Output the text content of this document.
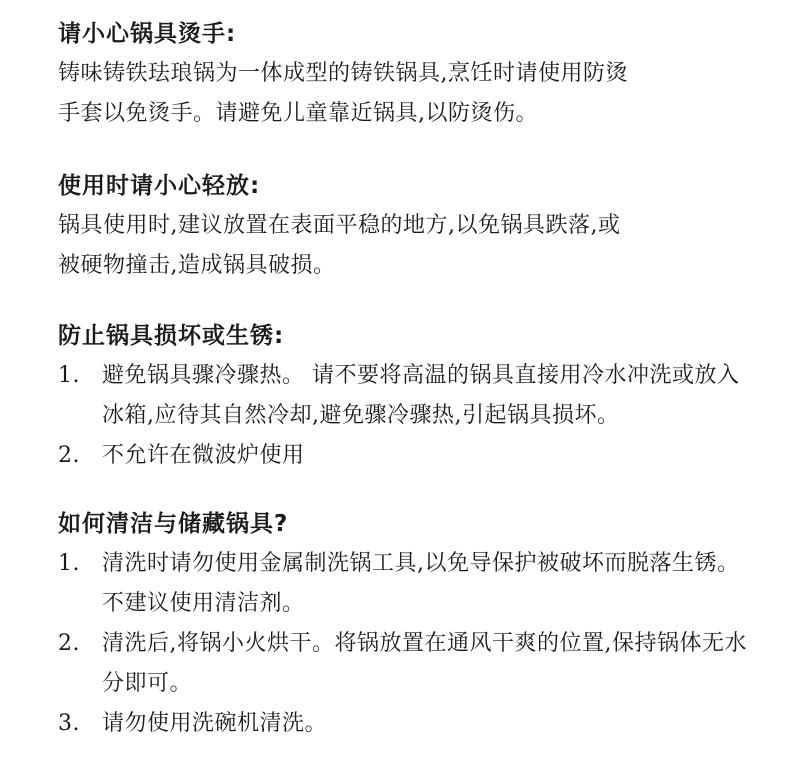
请小心锅具烫手:

铸味铸铁珐琅锅为一体成型的铸铁锅具,烹饪时请使用防烫

手套以免烫手。请避免儿童靠近锅具,以防烫伤。

使用时请小心轻放:

锅具使用时,建议放置在表面平稳的地方,以免锅具跌落,或

被硬物撞击,造成锅具破损。

防止锅具损坏或生锈:

1.	避免锅具骤冷骤热。 请不要将高温的锅具直接用冷水冲洗或放入冰箱,应待其自然冷却,避免骤冷骤热,引起锅具损坏。
2.	不允许在微波炉使用

如何清洁与储藏锅具?

1.	清洗时请勿使用金属制洗锅工具,以免导保护被破坏而脱落生锈。不建议使用清洁剂。
2.	清洗后,将锅小火烘干。将锅放置在通风干爽的位置,保持锅体无水分即可。
3.	请勿使用洗碗机清洗。
